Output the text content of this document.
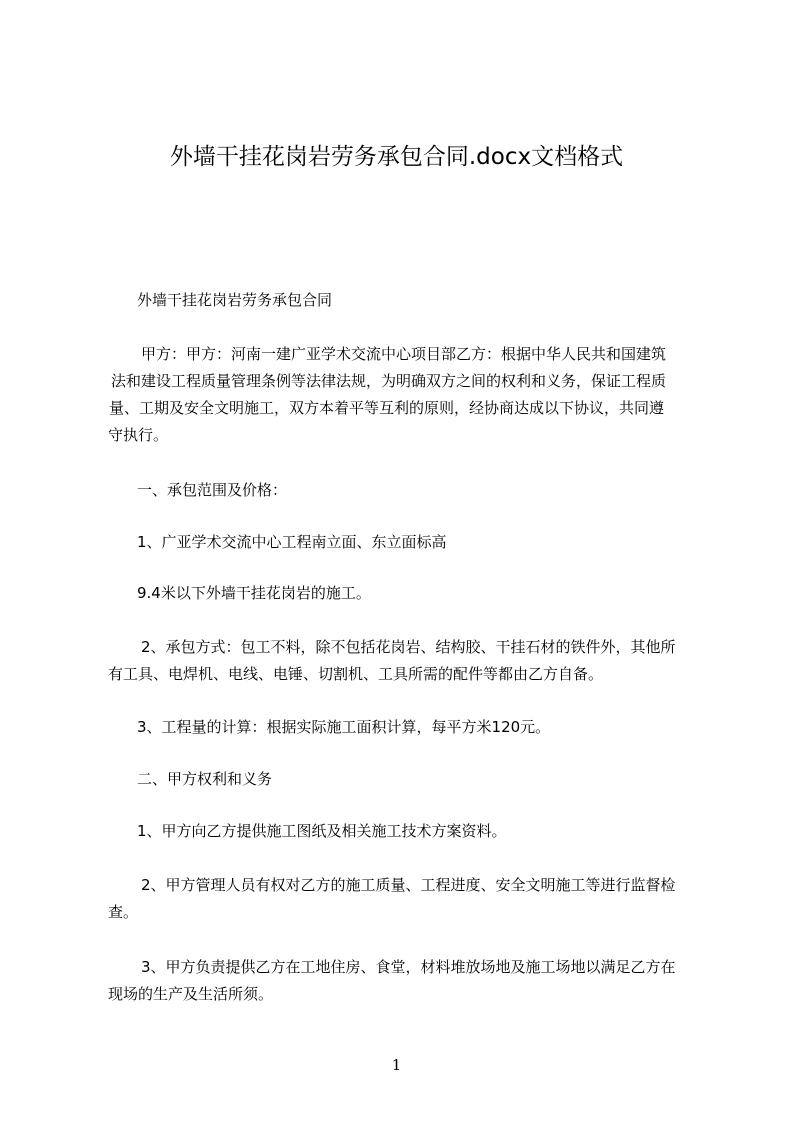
外墙干挂花岗岩劳务承包合同.docx文档格式
外墙干挂花岗岩劳务承包合同
甲方：甲方：河南一建广亚学术交流中心项目部乙方：根据中华人民共和国建筑
法和建设工程质量管理条例等法律法规，为明确双方之间的权利和义务，保证工程质
量、工期及安全文明施工，双方本着平等互利的原则，经协商达成以下协议，共同遵
守执行。
一、承包范围及价格：
1、广亚学术交流中心工程南立面、东立面标高
9.4米以下外墙干挂花岗岩的施工。
2、承包方式：包工不料，除不包括花岗岩、结构胶、干挂石材的铁件外，其他所
有工具、电焊机、电线、电锤、切割机、工具所需的配件等都由乙方自备。
3、工程量的计算：根据实际施工面积计算，每平方米120元。
二、甲方权利和义务
1、甲方向乙方提供施工图纸及相关施工技术方案资料。
2、甲方管理人员有权对乙方的施工质量、工程进度、安全文明施工等进行监督检
查。
3、甲方负责提供乙方在工地住房、食堂，材料堆放场地及施工场地以满足乙方在
现场的生产及生活所须。
1
